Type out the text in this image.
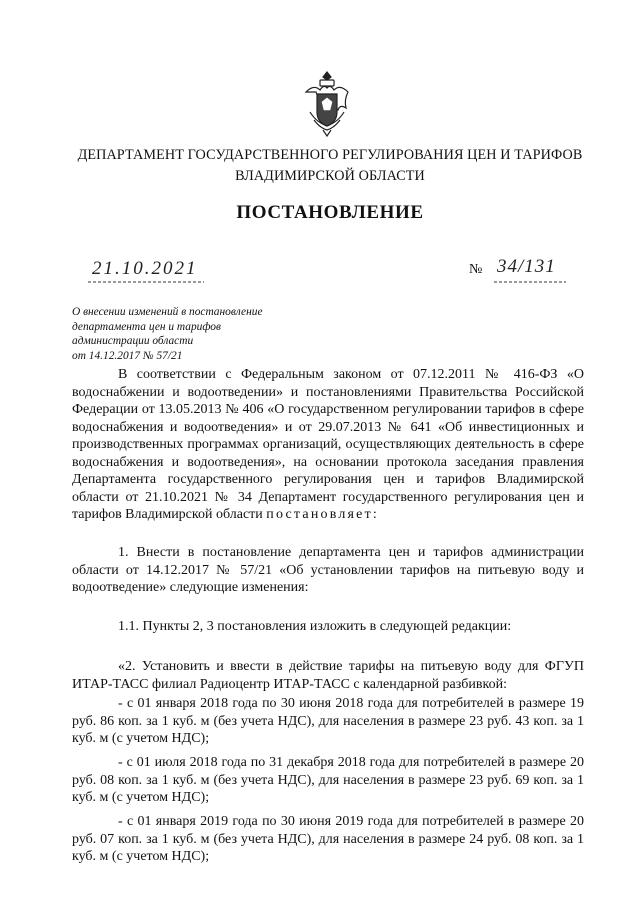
ДЕПАРТАМЕНТ ГОСУДАРСТВЕННОГО РЕГУЛИРОВАНИЯ ЦЕН И ТАРИФОВ
ВЛАДИМИРСКОЙ ОБЛАСТИ
ПОСТАНОВЛЕНИЕ
21.10.2021	№ 34/131
О внесении изменений в постановление
департамента цен и тарифов
администрации области
от 14.12.2017 № 57/21

В соответствии с Федеральным законом от 07.12.2011 № 416-ФЗ «О водоснабжении и водоотведении» и постановлениями Правительства Российской Федерации от 13.05.2013 № 406 «О государственном регулировании тарифов в сфере водоснабжения и водоотведения» и от 29.07.2013 № 641 «Об инвестиционных и производственных программах организаций, осуществляющих деятельность в сфере водоснабжения и водоотведения», на основании протокола заседания правления Департамента государственного регулирования цен и тарифов Владимирской области от 21.10.2021 № 34 Департамент государственного регулирования цен и тарифов Владимирской области постановляет:

1. Внести в постановление департамента цен и тарифов администрации области от 14.12.2017 № 57/21 «Об установлении тарифов на питьевую воду и водоотведение» следующие изменения:

1.1. Пункты 2, 3 постановления изложить в следующей редакции:

«2. Установить и ввести в действие тарифы на питьевую воду для ФГУП ИТАР-ТАСС филиал Радиоцентр ИТАР-ТАСС с календарной разбивкой:

- с 01 января 2018 года по 30 июня 2018 года для потребителей в размере 19 руб. 86 коп. за 1 куб. м (без учета НДС), для населения в размере 23 руб. 43 коп. за 1 куб. м (с учетом НДС);

- с 01 июля 2018 года по 31 декабря 2018 года для потребителей в размере 20 руб. 08 коп. за 1 куб. м (без учета НДС), для населения в размере 23 руб. 69 коп. за 1 куб. м (с учетом НДС);

- с 01 января 2019 года по 30 июня 2019 года для потребителей в размере 20 руб. 07 коп. за 1 куб. м (без учета НДС), для населения в размере 24 руб. 08 коп. за 1 куб. м (с учетом НДС);
